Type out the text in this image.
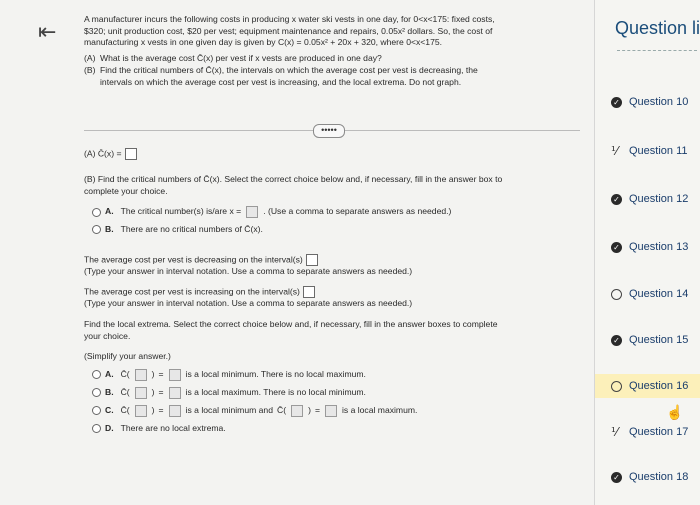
⇤

A manufacturer incurs the following costs in producing x water ski vests in one day, for 0<x<175: fixed costs,

$320; unit production cost, $20 per vest; equipment maintenance and repairs, 0.05x² dollars. So, the cost of

manufacturing x vests in one given day is given by C(x) = 0.05x² + 20x + 320, where 0<x<175.

(A) What is the average cost C̄(x) per vest if x vests are produced in one day?
(B) Find the critical numbers of C̄(x), the intervals on which the average cost per vest is decreasing, the
intervals on which the average cost per vest is increasing, and the local extrema. Do not graph.
•••••
(A) C̄(x) =
(B) Find the critical numbers of C̄(x). Select the correct choice below and, if necessary, fill in the answer box to
complete your choice.
A. The critical number(s) is/are x =	. (Use a comma to separate answers as needed.)
B. There are no critical numbers of C̄(x).
The average cost per vest is decreasing on the interval(s)
(Type your answer in interval notation. Use a comma to separate answers as needed.)
The average cost per vest is increasing on the interval(s)
(Type your answer in interval notation. Use a comma to separate answers as needed.)
Find the local extrema. Select the correct choice below and, if necessary, fill in the answer boxes to complete
your choice.
(Simplify your answer.)
A. C̄(	) =	is a local minimum. There is no local maximum.
B. C̄(	) =	is a local maximum. There is no local minimum.
C. C̄(	) =	is a local minimum and C̄(	) =	is a local maximum.
D. There are no local extrema.
Question li
✓ Question 10
⅟	Question 11
✓ Question 12
✓ Question 13
Question 14
✓ Question 15
Question 16
⅟	Question 17
✓ Question 18
☝
